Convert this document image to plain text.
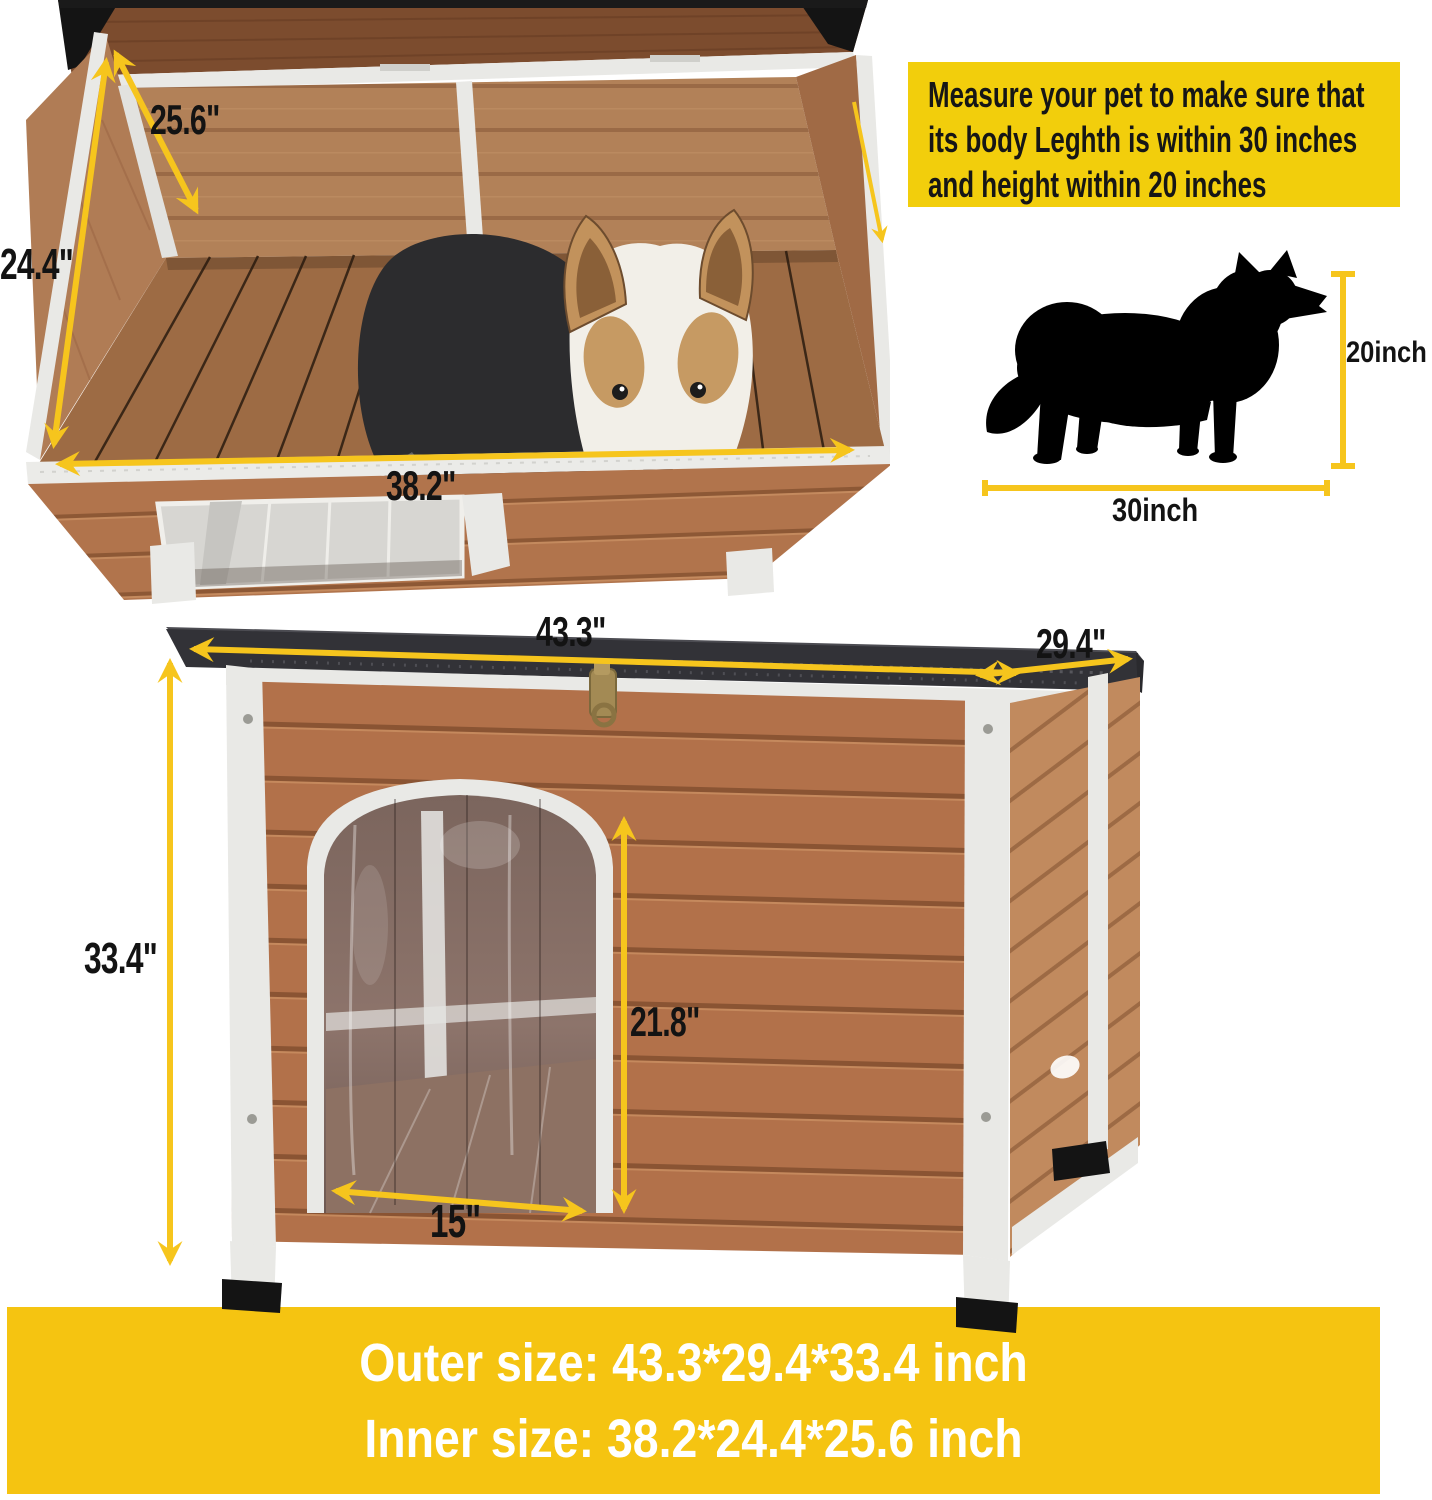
Measure your pet to make sure that
its body Leghth is within 30 inches
and height within 20 inches
25.6"
24.4"
38.2"
43.3"	29.4"
33.4"
21.8"
15"
20inch
30inch
Outer size: 43.3*29.4*33.4 inch
Inner size: 38.2*24.4*25.6 inch
